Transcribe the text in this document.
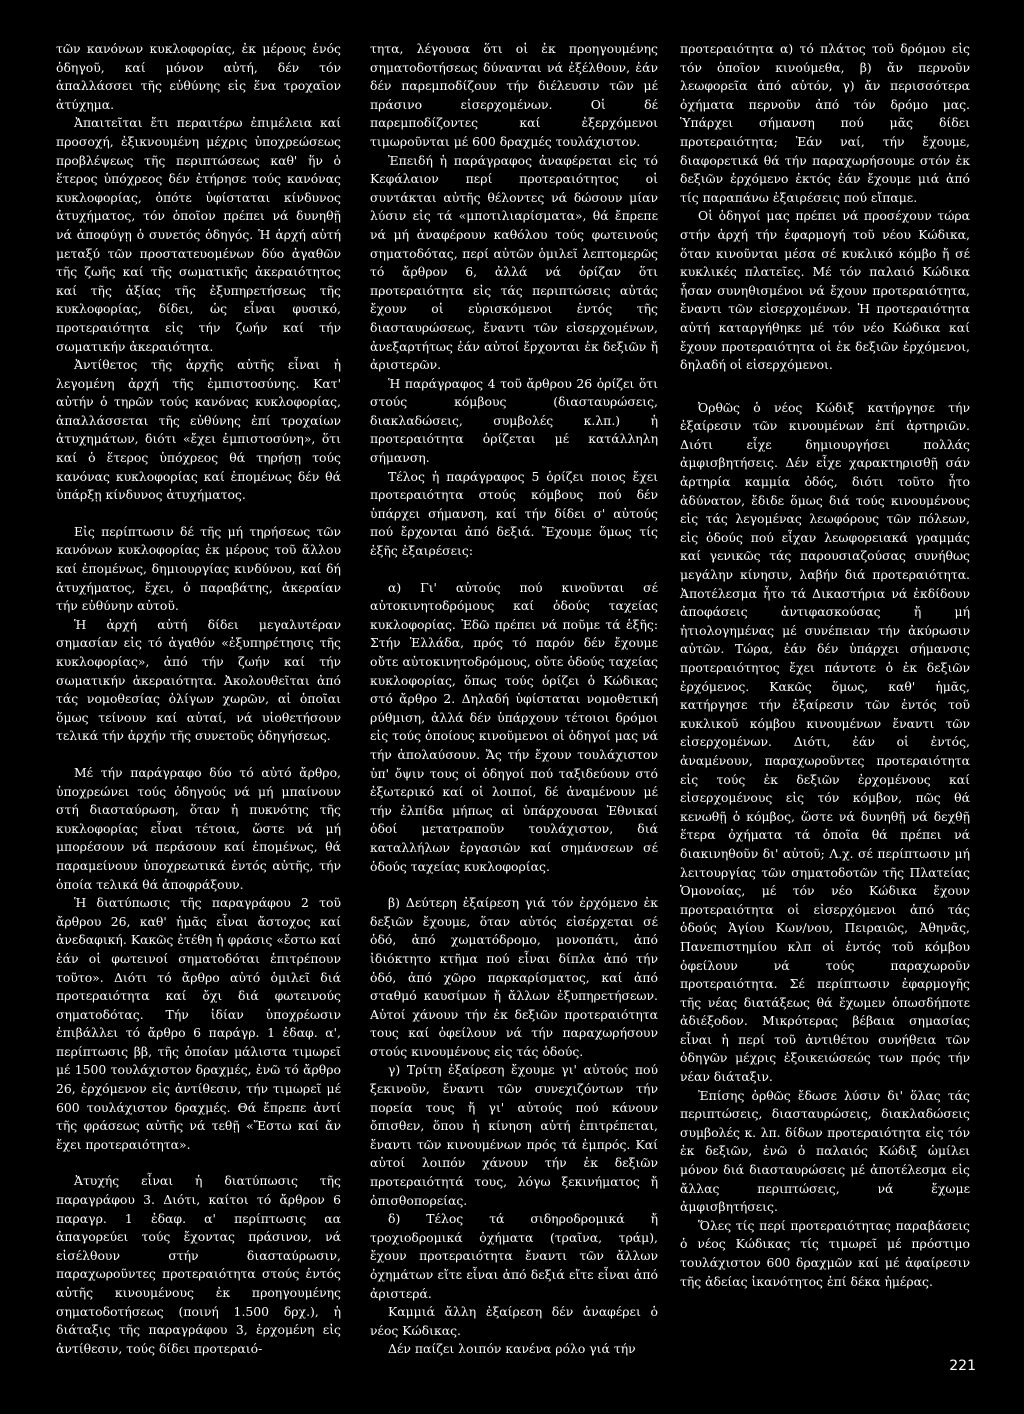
τῶν κανόνων κυκλοφορίας, ἐκ μέρους ἑνός ὁδηγοῦ, καί μόνον αὐτή, δέν τόν ἀπαλλάσσει τῆς εὐθύνης εἰς ἕνα τροχαῖον ἀτύχημα.

Ἀπαιτεῖται ἔτι περαιτέρω ἐπιμέλεια καί προσοχή, ἐξικνουμένη μέχρις ὑποχρεώσεως προβλέψεως τῆς περιπτώσεως καθ' ἥν ὁ ἕτερος ὑπόχρεος δέν ἐτήρησε τούς κανόνας κυκλοφορίας, ὁπότε ὑφίσταται κίνδυνος ἀτυχήματος, τόν ὁποῖον πρέπει νά δυνηθῇ νά ἀποφύγῃ ὁ συνετός ὁδηγός. Ἡ ἀρχή αὐτή μεταξύ τῶν προστατευομένων δύο ἀγαθῶν τῆς ζωῆς καί τῆς σωματικῆς ἀκεραιότητος καί τῆς ἀξίας τῆς ἐξυπηρετήσεως τῆς κυκλοφορίας, δίδει, ὡς εἶναι φυσικό, προτεραιότητα εἰς τήν ζωήν καί τήν σωματικήν ἀκεραιότητα.

Ἀντίθετος τῆς ἀρχῆς αὐτῆς εἶναι ἡ λεγομένη ἀρχή τῆς ἐμπιστοσύνης. Κατ' αὐτήν ὁ τηρῶν τούς κανόνας κυκλοφορίας, ἀπαλλάσσεται τῆς εὐθύνης ἐπί τροχαίων ἀτυχημάτων, διότι «ἔχει ἐμπιστοσύνη», ὅτι καί ὁ ἕτερος ὑπόχρεος θά τηρήσῃ τούς κανόνας κυκλοφορίας καί ἐπομένως δέν θά ὑπάρξῃ κίνδυνος ἀτυχήματος.

Εἰς περίπτωσιν δέ τῆς μή τηρήσεως τῶν κανόνων κυκλοφορίας ἐκ μέρους τοῦ ἄλλου καί ἐπομένως, δημιουργίας κινδύνου, καί δή ἀτυχήματος, ἔχει, ὁ παραβάτης, ἀκεραίαν τήν εὐθύνην αὐτοῦ.

Ἡ ἀρχή αὐτή δίδει μεγαλυτέραν σημασίαν εἰς τό ἀγαθόν «ἐξυπηρέτησις τῆς κυκλοφορίας», ἀπό τήν ζωήν καί τήν σωματικήν ἀκεραιότητα. Ἀκολουθεῖται ἀπό τάς νομοθεσίας ὀλίγων χωρῶν, αἱ ὁποῖαι ὅμως τείνουν καί αὐταί, νά υἱοθετήσουν τελικά τήν ἀρχήν τῆς συνετοῦς ὁδηγήσεως.

Μέ τήν παράγραφο δύο τό αὐτό ἄρθρο, ὑποχρεώνει τούς ὁδηγούς νά μή μπαίνουν στή διασταύρωση, ὅταν ἡ πυκνότης τῆς κυκλοφορίας εἶναι τέτοια, ὥστε νά μή μπορέσουν νά περάσουν καί ἐπομένως, θά παραμείνουν ὑποχρεωτικά ἐντός αὐτῆς, τήν ὁποία τελικά θά ἀποφράξουν.

Ἡ διατύπωσις τῆς παραγράφου 2 τοῦ ἄρθρου 26, καθ' ἡμᾶς εἶναι ἄστοχος καί ἀνεδαφική. Κακῶς ἐτέθη ἡ φράσις «ἔστω καί ἐάν οἱ φωτεινοί σηματοδόται ἐπιτρέπουν τοῦτο». Διότι τό ἄρθρο αὐτό ὁμιλεῖ διά προτεραιότητα καί ὄχι διά φωτεινούς σηματοδότας. Τήν ἰδίαν ὑποχρέωσιν ἐπιβάλλει τό ἄρθρο 6 παράγρ. 1 ἐδαφ. α', περίπτωσις ββ, τῆς ὁποίαν μάλιστα τιμωρεῖ μέ 1500 τουλάχιστον δραχμές, ἐνῶ τό ἄρθρο 26, ἐρχόμενον εἰς ἀντίθεσιν, τήν τιμωρεῖ μέ 600 τουλάχιστον δραχμές. Θά ἔπρεπε ἀντί τῆς φράσεως αὐτῆς νά τεθῇ «Ἔστω καί ἄν ἔχει προτεραιότητα».

Ἀτυχής εἶναι ἡ διατύπωσις τῆς παραγράφου 3. Διότι, καίτοι τό ἄρθρον 6 παραγρ. 1 ἐδαφ. α' περίπτωσις αα ἀπαγορεύει τούς ἔχοντας πράσινον, νά εἰσέλθουν στήν διασταύρωσιν, παραχωροῦντες προτεραιότητα στούς ἐντός αὐτῆς κινουμένους ἐκ προηγουμένης σηματοδοτήσεως (ποινή 1.500 δρχ.), ἡ διάταξις τῆς παραγράφου 3, ἐρχομένη εἰς ἀντίθεσιν, τούς δίδει προτεραιό-

τητα, λέγουσα ὅτι οἱ ἐκ προηγουμένης σηματοδοτήσεως δύνανται νά ἐξέλθουν, ἐάν δέν παρεμποδίζουν τήν διέλευσιν τῶν μέ πράσινο εἰσερχομένων. Οἱ δέ παρεμποδίζοντες καί ἐξερχόμενοι τιμωροῦνται μέ 600 δραχμές τουλάχιστον.

Ἐπειδή ἡ παράγραφος ἀναφέρεται εἰς τό Κεφάλαιον περί προτεραιότητος οἱ συντάκται αὐτῆς θέλοντες νά δώσουν μίαν λύσιν εἰς τά «μποτιλιαρίσματα», θά ἔπρεπε νά μή ἀναφέρουν καθόλου τούς φωτεινούς σηματοδότας, περί αὐτῶν ὁμιλεῖ λεπτομερῶς τό ἄρθρον 6, ἀλλά νά ὁρίζαν ὅτι προτεραιότητα εἰς τάς περιπτώσεις αὐτάς ἔχουν οἱ εὑρισκόμενοι ἐντός τῆς διασταυρώσεως, ἔναντι τῶν εἰσερχομένων, ἀνεξαρτήτως ἐάν αὐτοί ἔρχονται ἐκ δεξιῶν ἤ ἀριστερῶν.

Ἡ παράγραφος 4 τοῦ ἄρθρου 26 ὁρίζει ὅτι στούς κόμβους (διασταυρώσεις, διακλαδώσεις, συμβολές κ.λπ.) ἡ προτεραιότητα ὁρίζεται μέ κατάλληλη σήμανση.

Τέλος ἡ παράγραφος 5 ὁρίζει ποιος ἔχει προτεραιότητα στούς κόμβους πού δέν ὑπάρχει σήμανση, καί τήν δίδει σ' αὐτούς πού ἔρχονται ἀπό δεξιά. Ἔχουμε ὅμως τίς ἑξῆς ἐξαιρέσεις:

α) Γι' αὐτούς πού κινοῦνται σέ αὐτοκινητοδρόμους καί ὁδούς ταχείας κυκλοφορίας. Ἐδῶ πρέπει νά ποῦμε τά ἑξῆς: Στήν Ἑλλάδα, πρός τό παρόν δέν ἔχουμε οὔτε αὐτοκινητοδρόμους, οὔτε ὁδούς ταχείας κυκλοφορίας, ὅπως τούς ὁρίζει ὁ Κώδικας στό ἄρθρο 2. Δηλαδή ὑφίσταται νομοθετική ρύθμιση, ἀλλά δέν ὑπάρχουν τέτοιοι δρόμοι εἰς τούς ὁποίους κινοῦμενοι οἱ ὁδηγοί μας νά τήν ἀπολαύσουν. Ἄς τήν ἔχουν τουλάχιστον ὑπ' ὄψιν τους οἱ ὁδηγοί πού ταξιδεύουν στό ἐξωτερικό καί οἱ λοιποί, δέ ἀναμένουν μέ τήν ἐλπίδα μήπως αἱ ὑπάρχουσαι Ἐθνικαί ὁδοί μετατραποῦν τουλάχιστον, διά καταλλήλων ἐργασιῶν καί σημάνσεων σέ ὁδούς ταχείας κυκλοφορίας.

β) Δεύτερη ἐξαίρεση γιά τόν ἐρχόμενο ἐκ δεξιῶν ἔχουμε, ὅταν αὐτός εἰσέρχεται σέ ὁδό, ἀπό χωματόδρομο, μονοπάτι, ἀπό ἰδιόκτητο κτῆμα πού εἶναι δίπλα ἀπό τήν ὁδό, ἀπό χῶρο παρκαρίσματος, καί ἀπό σταθμό καυσίμων ἤ ἄλλων ἐξυπηρετήσεων. Αὐτοί χάνουν τήν ἐκ δεξιῶν προτεραιότητα τους καί ὀφείλουν νά τήν παραχωρήσουν στούς κινουμένους εἰς τάς ὁδούς.

γ) Τρίτη ἐξαίρεση ἔχουμε γι' αὐτούς πού ξεκινοῦν, ἔναντι τῶν συνεχιζόντων τήν πορεία τους ἤ γι' αὐτούς πού κάνουν ὄπισθεν, ὅπου ἡ κίνηση αὐτή ἐπιτρέπεται, ἔναντι τῶν κινουμένων πρός τά ἐμπρός. Καί αὐτοί λοιπόν χάνουν τήν ἐκ δεξιῶν προτεραιότητά τους, λόγω ξεκινήματος ἤ ὀπισθοπορείας.

δ) Τέλος τά σιδηροδρομικά ἤ τροχιοδρομικά ὀχήματα (τραῖνα, τράμ), ἔχουν προτεραιότητα ἔναντι τῶν ἄλλων ὀχημάτων εἴτε εἶναι ἀπό δεξιά εἴτε εἶναι ἀπό ἀριστερά.

Καμμιά ἄλλη ἐξαίρεση δέν ἀναφέρει ὁ νέος Κώδικας.

Δέν παίζει λοιπόν κανένα ρόλο γιά τήν

προτεραιότητα α) τό πλάτος τοῦ δρόμου εἰς τόν ὁποῖον κινούμεθα, β) ἄν περνοῦν λεωφορεῖα ἀπό αὐτόν, γ) ἄν περισσότερα ὀχήματα περνοῦν ἀπό τόν δρόμο μας. Ὑπάρχει σήμανση πού μᾶς δίδει προτεραιότητα; Ἐάν ναί, τήν ἔχουμε, διαφορετικά θά τήν παραχωρήσουμε στόν ἐκ δεξιῶν ἐρχόμενο ἐκτός ἐάν ἔχουμε μιά ἀπό τίς παραπάνω ἐξαιρέσεις πού εἴπαμε.

Οἱ ὁδηγοί μας πρέπει νά προσέχουν τώρα στήν ἀρχή τήν ἐφαρμογή τοῦ νέου Κώδικα, ὅταν κινοῦνται μέσα σέ κυκλικό κόμβο ἤ σέ κυκλικές πλατεῖες. Μέ τόν παλαιό Κώδικα ἦσαν συνηθισμένοι νά ἔχουν προτεραιότητα, ἔναντι τῶν εἰσερχομένων. Ἡ προτεραιότητα αὐτή καταργήθηκε μέ τόν νέο Κώδικα καί ἔχουν προτεραιότητα οἱ ἐκ δεξιῶν ἐρχόμενοι, δηλαδή οἱ εἰσερχόμενοι.

Ὀρθῶς ὁ νέος Κώδιξ κατήργησε τήν ἐξαίρεσιν τῶν κινουμένων ἐπί ἀρτηριῶν. Διότι εἶχε δημιουργήσει πολλάς ἀμφισβητήσεις. Δέν εἶχε χαρακτηρισθῇ σάν ἀρτηρία καμμία ὁδός, διότι τοῦτο ἦτο ἀδύνατον, ἔδιδε ὅμως διά τούς κινουμένους εἰς τάς λεγομένας λεωφόρους τῶν πόλεων, εἰς ὁδούς πού εἶχαν λεωφορειακά γραμμάς καί γενικῶς τάς παρουσιαζούσας συνήθως μεγάλην κίνησιν, λαβήν διά προτεραιότητα. Ἀποτέλεσμα ἦτο τά Δικαστήρια νά ἐκδίδουν ἀποφάσεις ἀντιφασκούσας ἤ μή ἠτιολογημένας μέ συνέπειαν τήν ἀκύρωσιν αὐτῶν. Τώρα, ἐάν δέν ὑπάρχει σήμανσις προτεραιότητος ἔχει πάντοτε ὁ ἐκ δεξιῶν ἐρχόμενος. Κακῶς ὅμως, καθ' ἡμᾶς, κατήργησε τήν ἐξαίρεσιν τῶν ἐντός τοῦ κυκλικοῦ κόμβου κινουμένων ἔναντι τῶν εἰσερχομένων. Διότι, ἐάν οἱ ἐντός, ἀναμένουν, παραχωροῦντες προτεραιότητα εἰς τούς ἐκ δεξιῶν ἐρχομένους καί εἰσερχομένους εἰς τόν κόμβον, πῶς θά κενωθῇ ὁ κόμβος, ὥστε νά δυνηθῇ νά δεχθῇ ἕτερα ὀχήματα τά ὁποῖα θά πρέπει νά διακινηθοῦν δι' αὐτοῦ; Λ.χ. σέ περίπτωσιν μή λειτουργίας τῶν σηματοδοτῶν τῆς Πλατείας Ὁμονοίας, μέ τόν νέο Κώδικα ἔχουν προτεραιότητα οἱ εἰσερχόμενοι ἀπό τάς ὁδούς Ἁγίου Κων/νου, Πειραιῶς, Ἀθηνᾶς, Πανεπιστημίου κλπ οἱ ἐντός τοῦ κόμβου ὀφείλουν νά τούς παραχωροῦν προτεραιότητα. Σέ περίπτωσιν ἐφαρμογῆς τῆς νέας διατάξεως θά ἔχωμεν ὁπωσδήποτε ἀδιέξοδον. Μικρότερας βέβαια σημασίας εἶναι ἡ περί τοῦ ἀντιθέτου συνήθεια τῶν ὁδηγῶν μέχρις ἐξοικειώσεώς των πρός τήν νέαν διάταξιν.

Ἐπίσης ὀρθῶς ἔδωσε λύσιν δι' ὅλας τάς περιπτώσεις, διασταυρώσεις, διακλαδώσεις συμβολές κ. λπ. δίδων προτεραιότητα εἰς τόν ἐκ δεξιῶν, ἐνῶ ὁ παλαιός Κώδιξ ὡμίλει μόνον διά διασταυρώσεις μέ ἀποτέλεσμα εἰς ἄλλας περιπτώσεις, νά ἔχωμε ἀμφισβητήσεις.

Ὅλες τίς περί προτεραιότητας παραβάσεις ὁ νέος Κώδικας τίς τιμωρεῖ μέ πρόστιμο τουλάχιστον 600 δραχμῶν καί μέ ἀφαίρεσιν τῆς ἀδείας ἱκανότητος ἐπί δέκα ἡμέρας.

221
